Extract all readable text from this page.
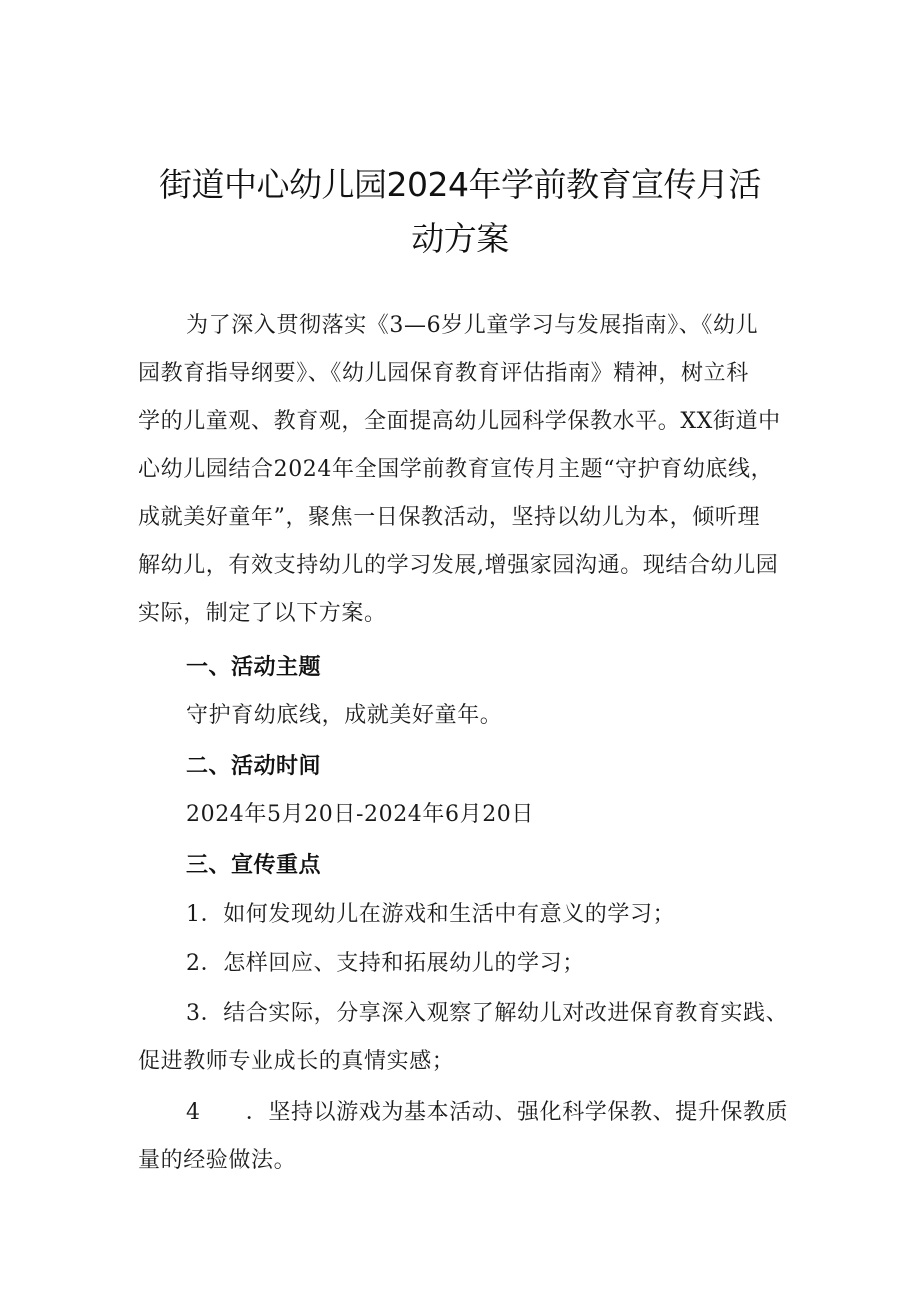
街道中心幼儿园2024年学前教育宣传月活
动方案
为了深入贯彻落实《3—6岁儿童学习与发展指南》、《幼儿
园教育指导纲要》、《幼儿园保育教育评估指南》精神，树立科
学的儿童观、教育观，全面提高幼儿园科学保教水平。XX街道中
心幼儿园结合2024年全国学前教育宣传月主题“守护育幼底线，
成就美好童年”，聚焦一日保教活动，坚持以幼儿为本，倾听理
解幼儿，有效支持幼儿的学习发展,增强家园沟通。现结合幼儿园
实际，制定了以下方案。
一、活动主题
守护育幼底线，成就美好童年。
二、活动时间
2024年5月20日-2024年6月20日
三、宣传重点
1．如何发现幼儿在游戏和生活中有意义的学习；
2．怎样回应、支持和拓展幼儿的学习；
3．结合实际，分享深入观察了解幼儿对改进保育教育实践、
促进教师专业成长的真情实感；
4　　．坚持以游戏为基本活动、强化科学保教、提升保教质
量的经验做法。
